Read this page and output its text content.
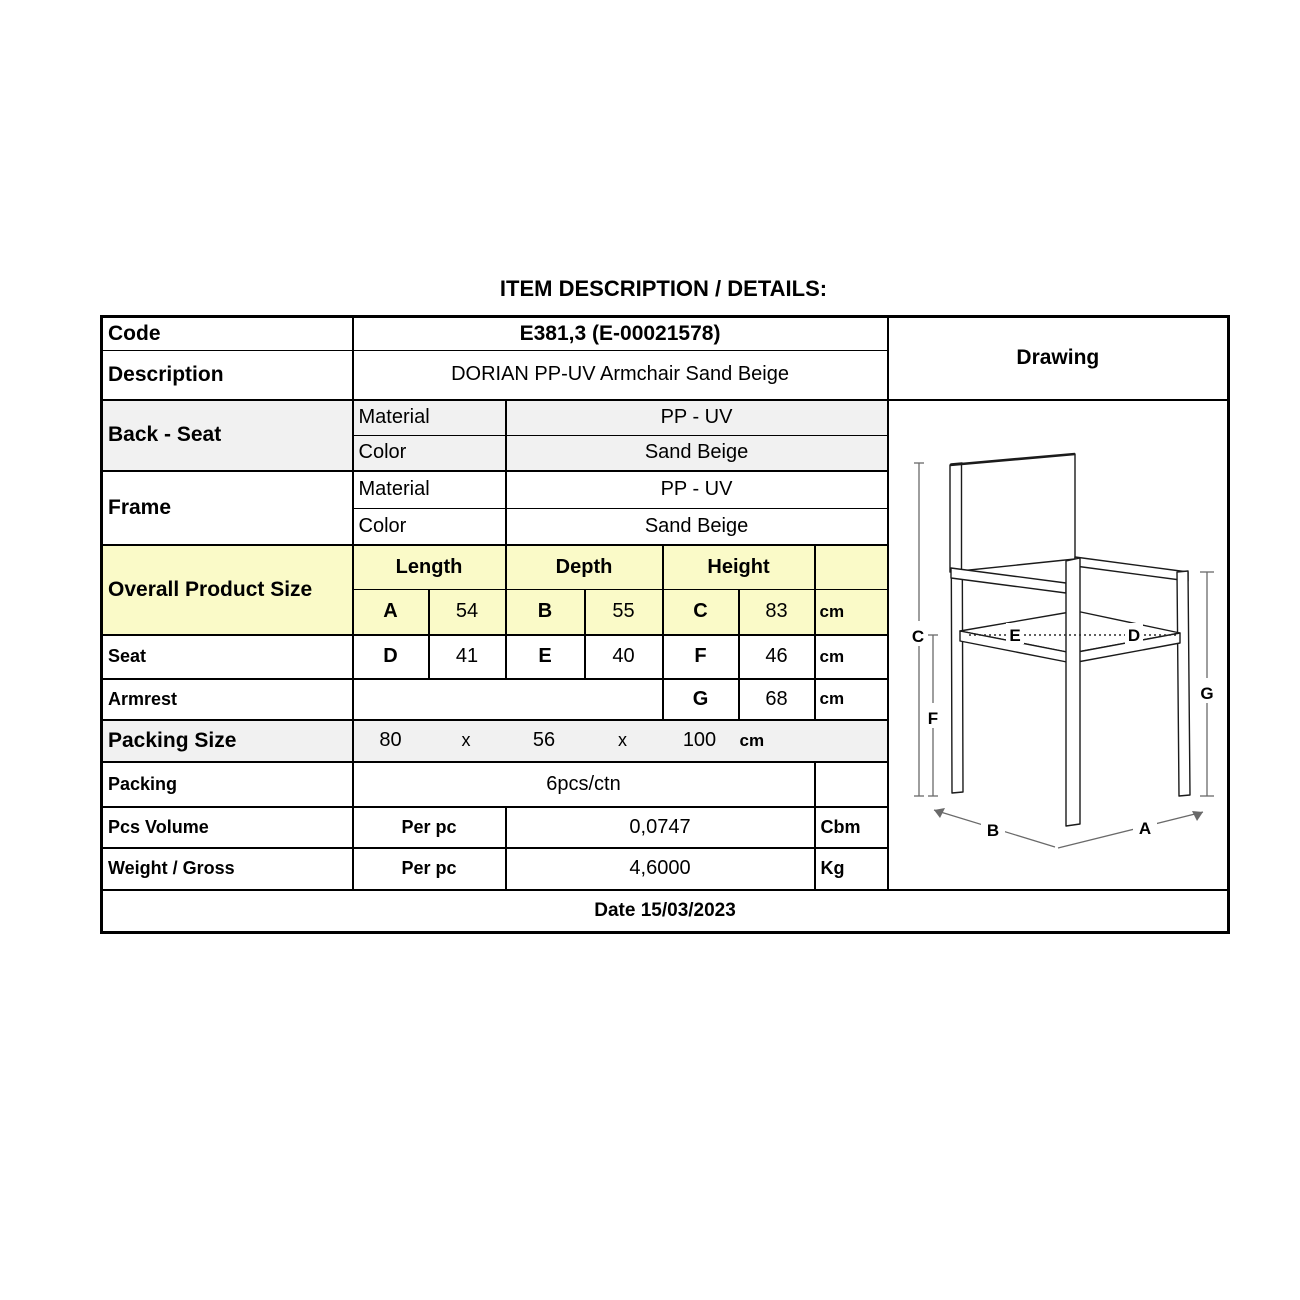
ITEM DESCRIPTION / DETAILS:
Code	E381,3 (E-00021578)							Drawing
Description	DORIAN PP-UV Armchair Sand Beige							
Back - Seat	Material	PP - UV	
E	D
C
F
G
B	A

	Color		Sand Beige					
Frame	Material		PP - UV					
	Color		Sand Beige					
Overall Product Size	Length		Depth		Height			
	A	54	B	55	C	83	cm	
Seat	D	41	E	40	F	46	cm	
Armrest					G	68	cm	
Packing Size	80	x	56	x	100	cm

Packing	6pcs/ctn							
Pcs Volume	Per pc		0,0747				Cbm	
Weight / Gross	Per pc		4,6000				Kg	
Date 15/03/2023								
